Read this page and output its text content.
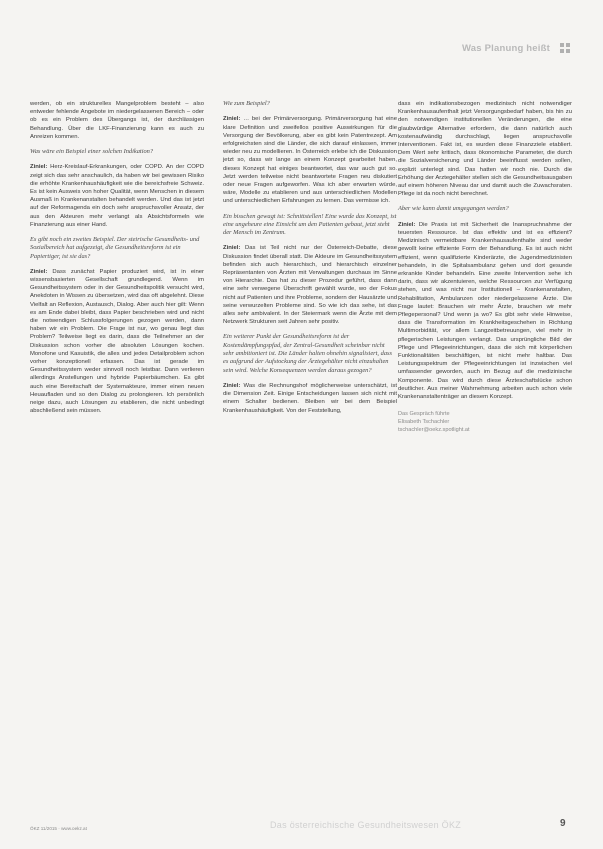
Was Planung heißt

werden, ob ein strukturelles Mangelproblem besteht – also entweder fehlende Angebote im niedergelassenen Bereich – oder ob es ein Problem des Übergangs ist, der durchlässigen Behandlung. Über die LKF-Finanzierung kann es auch zu Anreizen kommen.

Was wäre ein Beispiel einer solchen Indikation?

Ziniel: Herz-Kreislauf-Erkrankungen, oder COPD. An der COPD zeigt sich das sehr anschaulich, da haben wir bei gewissen Risiko die erhöhte Krankenhaushäufigkeit wie die bereichsfreie Schweiz. Es ist kein Ausweis von hoher Qualität, wenn Menschen in diesem Ausmaß in Krankenanstalten behandelt werden. Und das ist jetzt auf der Reformagenda ein doch sehr anspruchsvoller Ansatz, der aus den Akteuren mehr verlangt als Absichtsformeln wie Finanzierung aus einer Hand.

Es gibt noch ein zweites Beispiel. Der steirische Gesundheits- und Sozialbereich hat aufgezeigt, die Gesundheitsreform ist ein Papiertiger, ist sie das?

Ziniel: Dass zunächst Papier produziert wird, ist in einer wissensbasierten Gesellschaft grundlegend. Wenn im Gesundheitssystem oder in der Gesundheitspolitik versucht wird, Anekdoten in Wissen zu übersetzen, wird das oft abgelehnt. Diese Vielfalt an Reflexion, Austausch, Dialog. Aber auch hier gilt: Wenn es am Ende dabei bleibt, dass Papier beschrieben wird und nicht die notwendigen Schlussfolgerungen gezogen werden, dann haben wir ein Problem. Die Frage ist nur, wo genau liegt das Problem? Teilweise liegt es darin, dass die Teilnehmer an der Diskussion schon vorher die absoluten Lösungen kochen. Monofone und Kasuistik, die alles und jedes Detailproblem schon vorher konzeptionell erfassen. Das ist gerade im Gesundheitssystem weder sinnvoll noch leistbar. Dann verlieren allerdings Anstellungen und hybride Papierbäumchen. Es gibt auch eine Bereitschaft der Systemakteure, immer einen neuen Heuaufladen und so den Dialog zu prolongieren. Ich persönlich neige dazu, auch Lösungen zu etablieren, die nicht unbedingt abschließend sein müssen.

Wie zum Beispiel?

Ziniel: … bei der Primärversorgung. Primärversorgung hat eine klare Definition und zweifellos positive Auswirkungen für die Versorgung der Bevölkerung, aber es gibt kein Patentrezept. Am erfolgreichsten sind die Länder, die sich darauf einlassen, immer wieder neu zu modellieren. In Österreich erlebe ich die Diskussion jetzt so, dass wir lange an einem Konzept gearbeitet haben, dieses Konzept hat einiges beantwortet, das war auch gut so. Jetzt werden teilweise nicht beantwortete Fragen neu diskutiert oder neue Fragen aufgeworfen. Was ich aber erwarten würde, wäre, Modelle zu etablieren und aus unterschiedlichen Modellen und unterschiedlichen Erfahrungen zu lernen. Das vermisse ich.

Ein bisschen gewagt ist: Schnittstellen! Eine wurde das Konzept, ist eine ungeheure eine Einsicht um den Patienten gebaut, jetzt steht der Mensch im Zentrum.

Ziniel: Das ist Teil nicht nur der Österreich-Debatte, diese Diskussion findet überall statt. Die Akteure im Gesundheitssystem befinden sich auch hierarchisch, und hierarchisch einzelner Repräsentanten von Ärzten mit Verwaltungen durchaus im Sinne von Hierarchie. Das hat zu dieser Prozedur geführt, dass dann eine sehr verwegene Überschrift gewählt wurde, wo der Fokus nicht auf Patienten und ihre Probleme, sondern der Hausärzte und seine verwurzelten Probleme sind. So wie ich das sehe, ist das alles sehr ambivalent. In der Steiermark wenn die Ärzte mit dem Netzwerk Strukturen seit Jahren sehr positiv.

Ein weiterer Punkt der Gesundheitsreform ist der Kostendämpfungspfad, der Zentral-Gesundheit scheinbar nicht sehr ambitioniert ist. Die Länder halten ohnehin signalisiert, dass es aufgrund der Aufstockung der Ärztegehälter nicht einzuhalten sein wird. Welche Konsequenzen werden daraus gezogen?

Ziniel: Was die Rechnungshof möglicherweise unterschätzt, ist die Dimension Zeit. Einige Entscheidungen lassen sich nicht mit einem Schalter bedienen. Bleiben wir bei dem Beispiel Krankenhaushäufigkeit. Von der Feststellung,

dass ein indikationsbezogen medizinisch nicht notwendiger Krankenhausaufenthalt jetzt Versorgungsbedarf haben, bis hin zu den notwendigen institutionellen Veränderungen, die eine glaubwürdige Alternative erfordern, die dann natürlich auch kostenaufwändig durchschlagt, liegen anspruchsvolle Interventionen. Fakt ist, es wurden diese Finanzziele etabliert. Dem Wert sehr kritisch, dass ökonomische Parameter, die durch die Sozialversicherung und Länder beeinflusst werden sollen, explizit unterlegt sind. Das hatten wir noch nie. Durch die Erhöhung der Arztegehälter stellen sich die Gesundheitsausgaben auf einem höheren Niveau dar und damit auch die Zuwachsraten. Pflege ist da noch nicht berechnet.

Aber wie kann damit umgegangen werden?

Ziniel: Die Praxis ist mit Sicherheit die Inanspruchnahme der teuersten Ressource. Ist das effektiv und ist es effizient? Medizinisch vermeidbare Krankenhausaufenthalte sind weder gewollt keine effiziente Form der Behandlung. Es ist auch nicht effizient, wenn qualifizierte Kinderärzte, die Jugendmedizinisten behandeln, in die Spitalsambulanz gehen und dort gesunde erkrankte Kinder behandeln. Eine zweite Intervention sehe ich darin, dass wir akzentuieren, welche Ressourcen zur Verfügung stehen, und was nicht nur Institutionell – Krankenanstalten, Rehabilitation, Ambulanzen oder niedergelassene Ärzte. Die Frage lautet: Brauchen wir mehr Ärzte, brauchen wir mehr Pflegepersonal? Und wenn ja wo? Es gibt sehr viele Hinweise, dass die Transformation im Krankheitsgeschehen in Richtung Multimorbidität, vor allem Langzeitbetreuungen, viel mehr in pflegerischen Leistungen verlangt. Das ursprüngliche Bild der Pflege und Pflegeeinrichtungen, dass die sich mit körperlichen Funktionalitäten beschäftigen, ist nicht mehr haltbar. Das Leistungsspektrum der Pflegeeinrichtungen ist inzwischen viel umfassender geworden, auch im Bezug auf die medizinische Komponente. Das wird durch diese Ärzteschaftslücke schon deutlicher. Aus meiner Wahrnehmung arbeiten auch schon viele Krankenanstaltenträger an diesem Konzept.

Das Gespräch führte
Elisabeth Tschachler
tschachler@oekz.spotlight.at
ÖKZ 11/2015 · www.oekz.at	Das österreichische Gesundheitswesen ÖKZ	9
